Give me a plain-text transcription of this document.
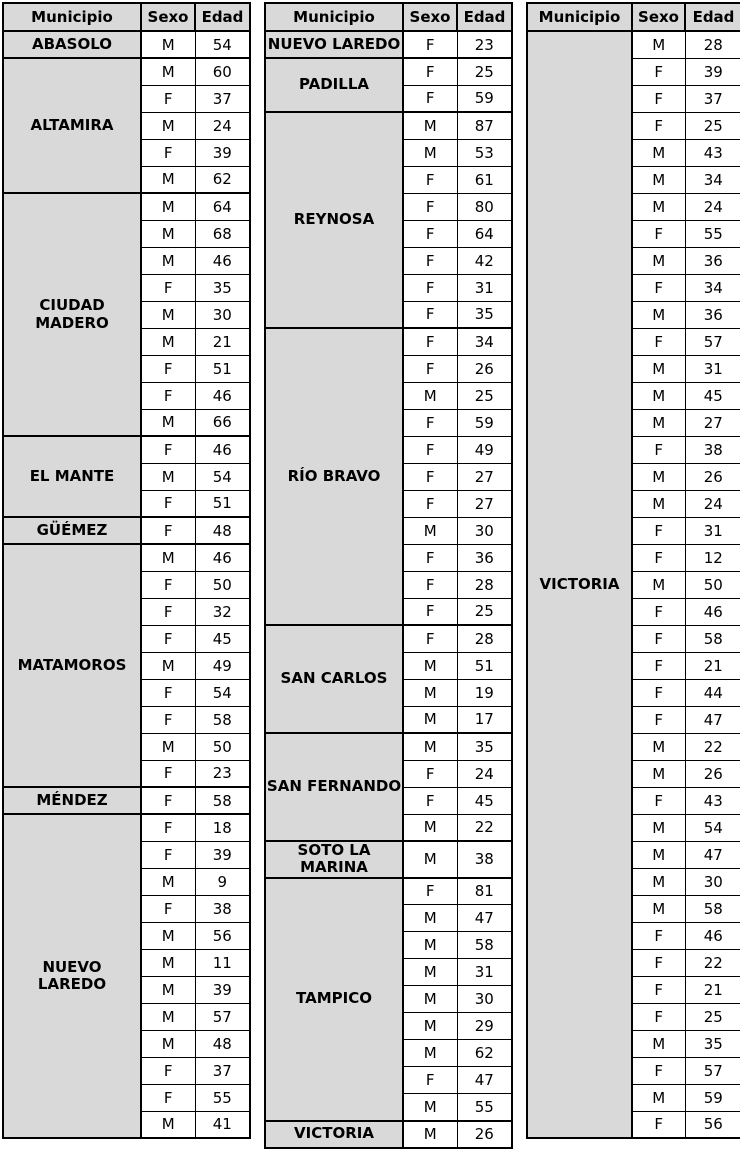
Municipio	Sexo	Edad
ABASOLO	M	54
ALTAMIRA	M	60
	F	37
	M	24
	F	39
	M	62
CIUDAD
MADERO	M	64
	M	68
	M	46
	F	35
	M	30
	M	21
	F	51
	F	46
	M	66
EL MANTE	F	46
	M	54
	F	51
GÜÉMEZ	F	48
MATAMOROS	M	46
	F	50
	F	32
	F	45
	M	49
	F	54
	F	58
	M	50
	F	23
MÉNDEZ	F	58
NUEVO
LAREDO	F	18
	F	39
	M	9
	F	38
	M	56
	M	11
	M	39
	M	57
	M	48
	F	37
	F	55
	M	41
Municipio	Sexo	Edad
NUEVO LAREDO	F	23
PADILLA	F	25
	F	59
REYNOSA	M	87
	M	53
	F	61
	F	80
	F	64
	F	42
	F	31
	F	35
RÍO BRAVO	F	34
	F	26
	M	25
	F	59
	F	49
	F	27
	F	27
	M	30
	F	36
	F	28
	F	25
SAN CARLOS	F	28
	M	51
	M	19
	M	17
SAN FERNANDO	M	35
	F	24
	F	45
	M	22
SOTO LA
MARINA	M	38
TAMPICO	F	81
	M	47
	M	58
	M	31
	M	30
	M	29
	M	62
	F	47
	M	55
VICTORIA	M	26
Municipio	Sexo	Edad
VICTORIA	M	28
	F	39
	F	37
	F	25
	M	43
	M	34
	M	24
	F	55
	M	36
	F	34
	M	36
	F	57
	M	31
	M	45
	M	27
	F	38
	M	26
	M	24
	F	31
	F	12
	M	50
	F	46
	F	58
	F	21
	F	44
	F	47
	M	22
	M	26
	F	43
	M	54
	M	47
	M	30
	M	58
	F	46
	F	22
	F	21
	F	25
	M	35
	F	57
	M	59
	F	56
